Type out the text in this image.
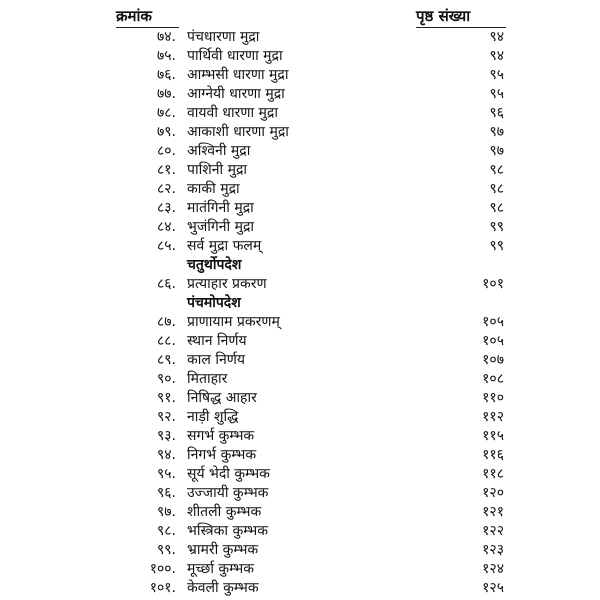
क्रमांक	पृष्ठ संख्या
७४. पंचधारणा मुद्रा	९४
७५. पार्थिवी धारणा मुद्रा	९४
७६. आम्भसी धारणा मुद्रा	९५
७७. आग्नेयी धारणा मुद्रा	९५
७८. वायवी धारणा मुद्रा	९६
७९. आकाशी धारणा मुद्रा	९७
८०. अश्विनी मुद्रा	९७
८१. पाशिनी मुद्रा	९८
८२. काकी मुद्रा	९८
८३. मातंगिनी मुद्रा	९८
८४. भुजंगिनी मुद्रा	९९
८५. सर्व मुद्रा फलम्	९९
चतुर्थोपदेश
८६. प्रत्याहार प्रकरण	१०१
पंचमोपदेश
८७. प्राणायाम प्रकरणम्	१०५
८८. स्थान निर्णय	१०५
८९. काल निर्णय	१०७
९०. मिताहार	१०८
९१. निषिद्ध आहार	११०
९२. नाड़ी शुद्धि	११२
९३. सगर्भ कुम्भक	११५
९४. निगर्भ कुम्भक	११६
९५. सूर्य भेदी कुम्भक	११८
९६. उज्जायी कुम्भक	१२०
९७. शीतली कुम्भक	१२१
९८. भस्त्रिका कुम्भक	१२२
९९. भ्रामरी कुम्भक	१२३
१००. मूर्च्छा कुम्भक	१२४
१०१. केवली कुम्भक	१२५
